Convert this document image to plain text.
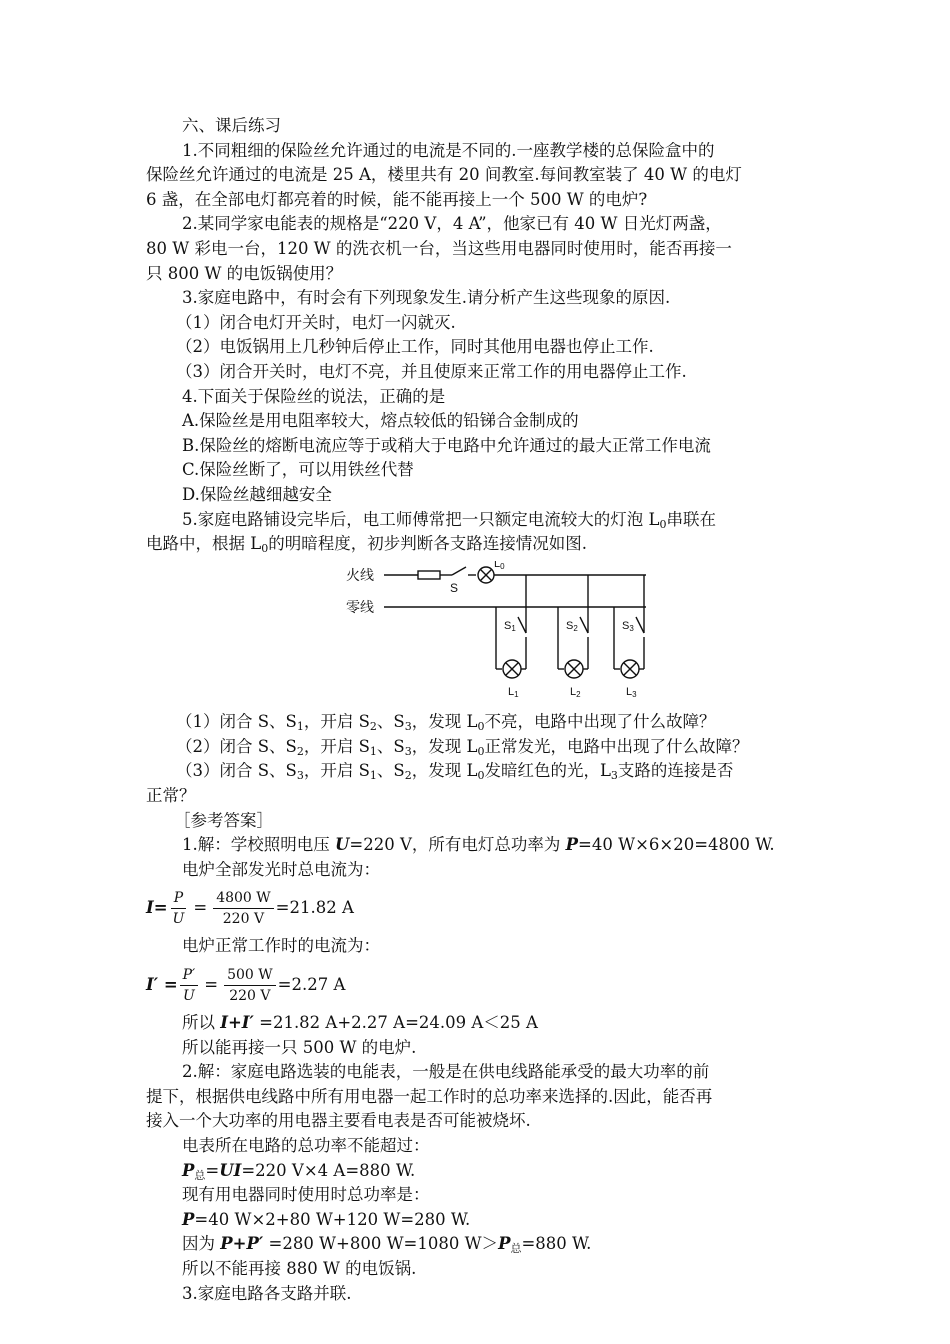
六、课后练习

1.不同粗细的保险丝允许通过的电流是不同的.一座教学楼的总保险盒中的

保险丝允许通过的电流是 25 A，楼里共有 20 间教室.每间教室装了 40 W 的电灯

6 盏，在全部电灯都亮着的时候，能不能再接上一个 500 W 的电炉?

2.某同学家电能表的规格是“220 V，4 A”，他家已有 40 W 日光灯两盏，

80 W 彩电一台，120 W 的洗衣机一台，当这些用电器同时使用时，能否再接一

只 800 W 的电饭锅使用？

3.家庭电路中，有时会有下列现象发生.请分析产生这些现象的原因.

（1）闭合电灯开关时，电灯一闪就灭.

（2）电饭锅用上几秒钟后停止工作，同时其他用电器也停止工作.

（3）闭合开关时，电灯不亮，并且使原来正常工作的用电器停止工作.

4.下面关于保险丝的说法，正确的是

A.保险丝是用电阻率较大，熔点较低的铅锑合金制成的

B.保险丝的熔断电流应等于或稍大于电路中允许通过的最大正常工作电流

C.保险丝断了，可以用铁丝代替

D.保险丝越细越安全

5.家庭电路铺设完毕后，电工师傅常把一只额定电流较大的灯泡 $L_0$串联在

电路中，根据 $L_0$的明暗程度，初步判断各支路连接情况如图.

火线
零线
S
L0
S1	S2	S3
L1	L2	L3

（1）闭合 S、$S_1$，开启 $S_2$、$S_3$，发现 $L_0$不亮，电路中出现了什么故障？

（2）闭合 S、$S_2$，开启 $S_1$、$S_3$，发现 $L_0$正常发光，电路中出现了什么故障？

（3）闭合 S、$S_3$，开启 $S_1$、$S_2$，发现 $L_0$发暗红色的光，$L_3$支路的连接是否

正常？

［参考答案］

1.解：学校照明电压 U=220 V，所有电灯总功率为 P=40 W×6×20=4800 W.

电炉全部发光时总电流为：

$I= \frac{P}{U} = \frac{4800 W}{220 V} =21.82$ A

电炉正常工作时的电流为：

$I' = \frac{P'}{U} = \frac{500 W}{220 V} =2.27$ A

所以 I+I′ =21.82 A+2.27 A=24.09 A＜25 A

所以能再接一只 500 W 的电炉.

2.解：家庭电路选装的电能表，一般是在供电线路能承受的最大功率的前

提下，根据供电线路中所有用电器一起工作时的总功率来选择的.因此，能否再

接入一个大功率的用电器主要看电表是否可能被烧坏.

电表所在电路的总功率不能超过：

$P_总=UI=220$ V×4 A=880 W.

现有用电器同时使用时总功率是：

P=40 W×2+80 W+120 W=280 W.

因为 P+P′ =280 W+800 W=1080 $W>P_总=880$ W.

所以不能再接 880 W 的电饭锅.

3.家庭电路各支路并联.
